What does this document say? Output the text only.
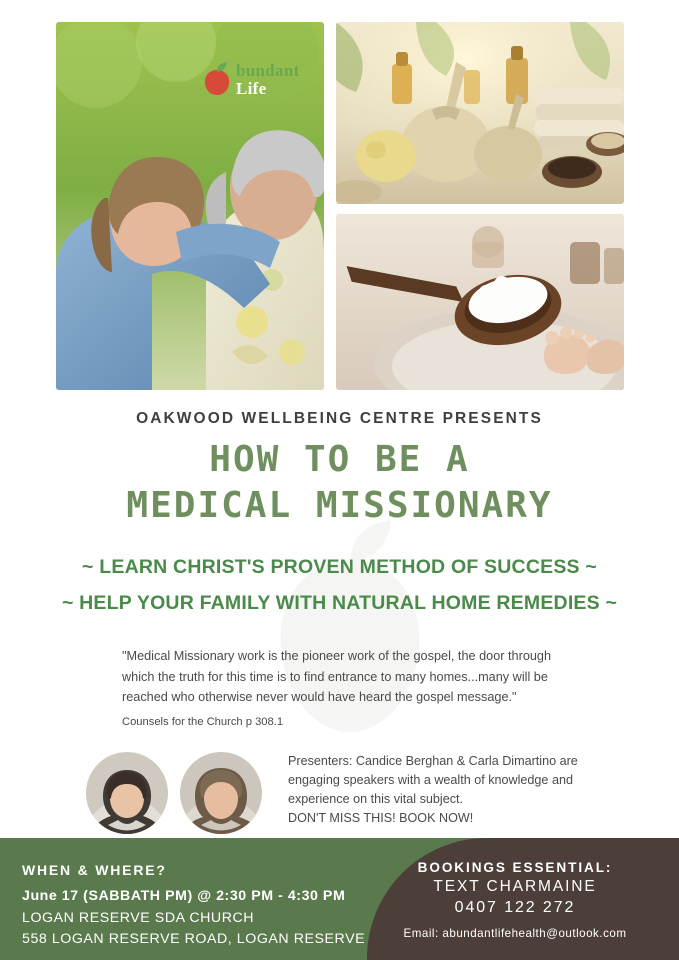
bundant
Life
OAKWOOD WELLBEING CENTRE PRESENTS
HOW TO BE A
MEDICAL MISSIONARY
~ LEARN CHRIST'S PROVEN METHOD OF SUCCESS ~
~ HELP YOUR FAMILY WITH NATURAL HOME REMEDIES ~
"Medical Missionary work is the pioneer work of the gospel, the door through which the truth for this time is to find entrance to many homes...many will be reached who otherwise never would have heard the gospel message."
Counsels for the Church p 308.1
Presenters: Candice Berghan & Carla Dimartino are engaging speakers with a wealth of knowledge and experience on this vital subject.
DON'T MISS THIS! BOOK NOW!
WHEN & WHERE?
June 17 (SABBATH PM) @ 2:30 PM - 4:30 PM
LOGAN RESERVE SDA CHURCH
558 LOGAN RESERVE ROAD, LOGAN RESERVE
BOOKINGS ESSENTIAL:
TEXT CHARMAINE
0407 122 272
Email: abundantlifehealth@outlook.com
